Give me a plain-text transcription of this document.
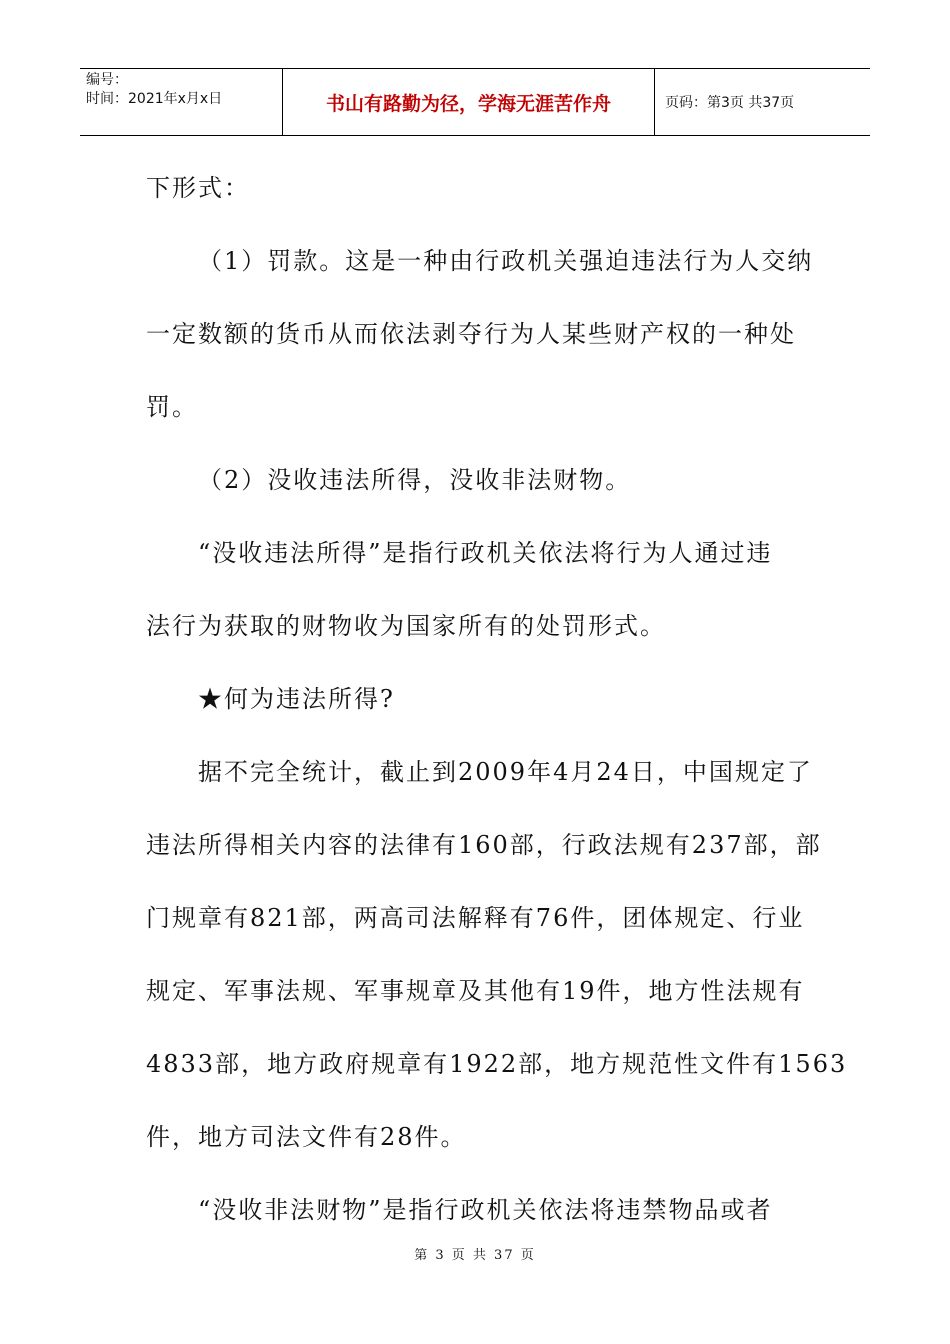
编号：
时间：2021年x月x日	书山有路勤为径，学海无涯苦作舟	页码：第3页 共37页

下形式：

（1）罚款。这是一种由行政机关强迫违法行为人交纳

一定数额的货币从而依法剥夺行为人某些财产权的一种处

罚。

（2）没收违法所得，没收非法财物。

“没收违法所得”是指行政机关依法将行为人通过违

法行为获取的财物收为国家所有的处罚形式。

★何为违法所得?

据不完全统计，截止到2009年4月24日，中国规定了

违法所得相关内容的法律有160部，行政法规有237部，部

门规章有821部，两高司法解释有76件，团体规定、行业

规定、军事法规、军事规章及其他有19件，地方性法规有

4833部，地方政府规章有1922部，地方规范性文件有1563

件，地方司法文件有28件。

“没收非法财物”是指行政机关依法将违禁物品或者

第 3 页 共 37 页
